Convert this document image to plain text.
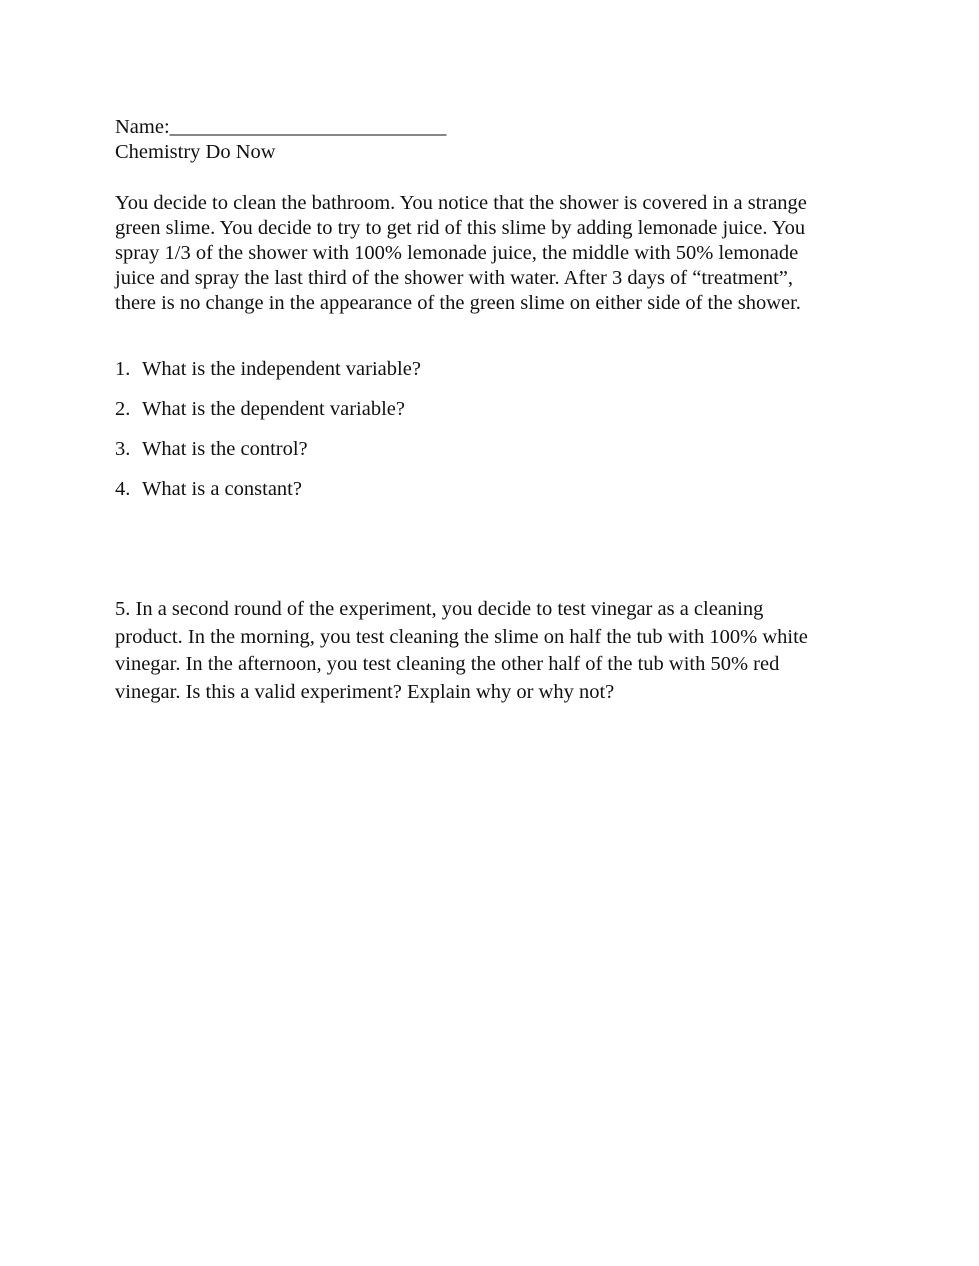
Name:___________________________
Chemistry Do Now
You decide to clean the bathroom. You notice that the shower is covered in a strange
green slime. You decide to try to get rid of this slime by adding lemonade juice. You
spray 1/3 of the shower with 100% lemonade juice, the middle with 50% lemonade
juice and spray the last third of the shower with water. After 3 days of “treatment”,
there is no change in the appearance of the green slime on either side of the shower.
1. What is the independent variable?
2. What is the dependent variable?
3. What is the control?
4. What is a constant?
5. In a second round of the experiment, you decide to test vinegar as a cleaning
product. In the morning, you test cleaning the slime on half the tub with 100% white
vinegar. In the afternoon, you test cleaning the other half of the tub with 50% red
vinegar. Is this a valid experiment? Explain why or why not?
